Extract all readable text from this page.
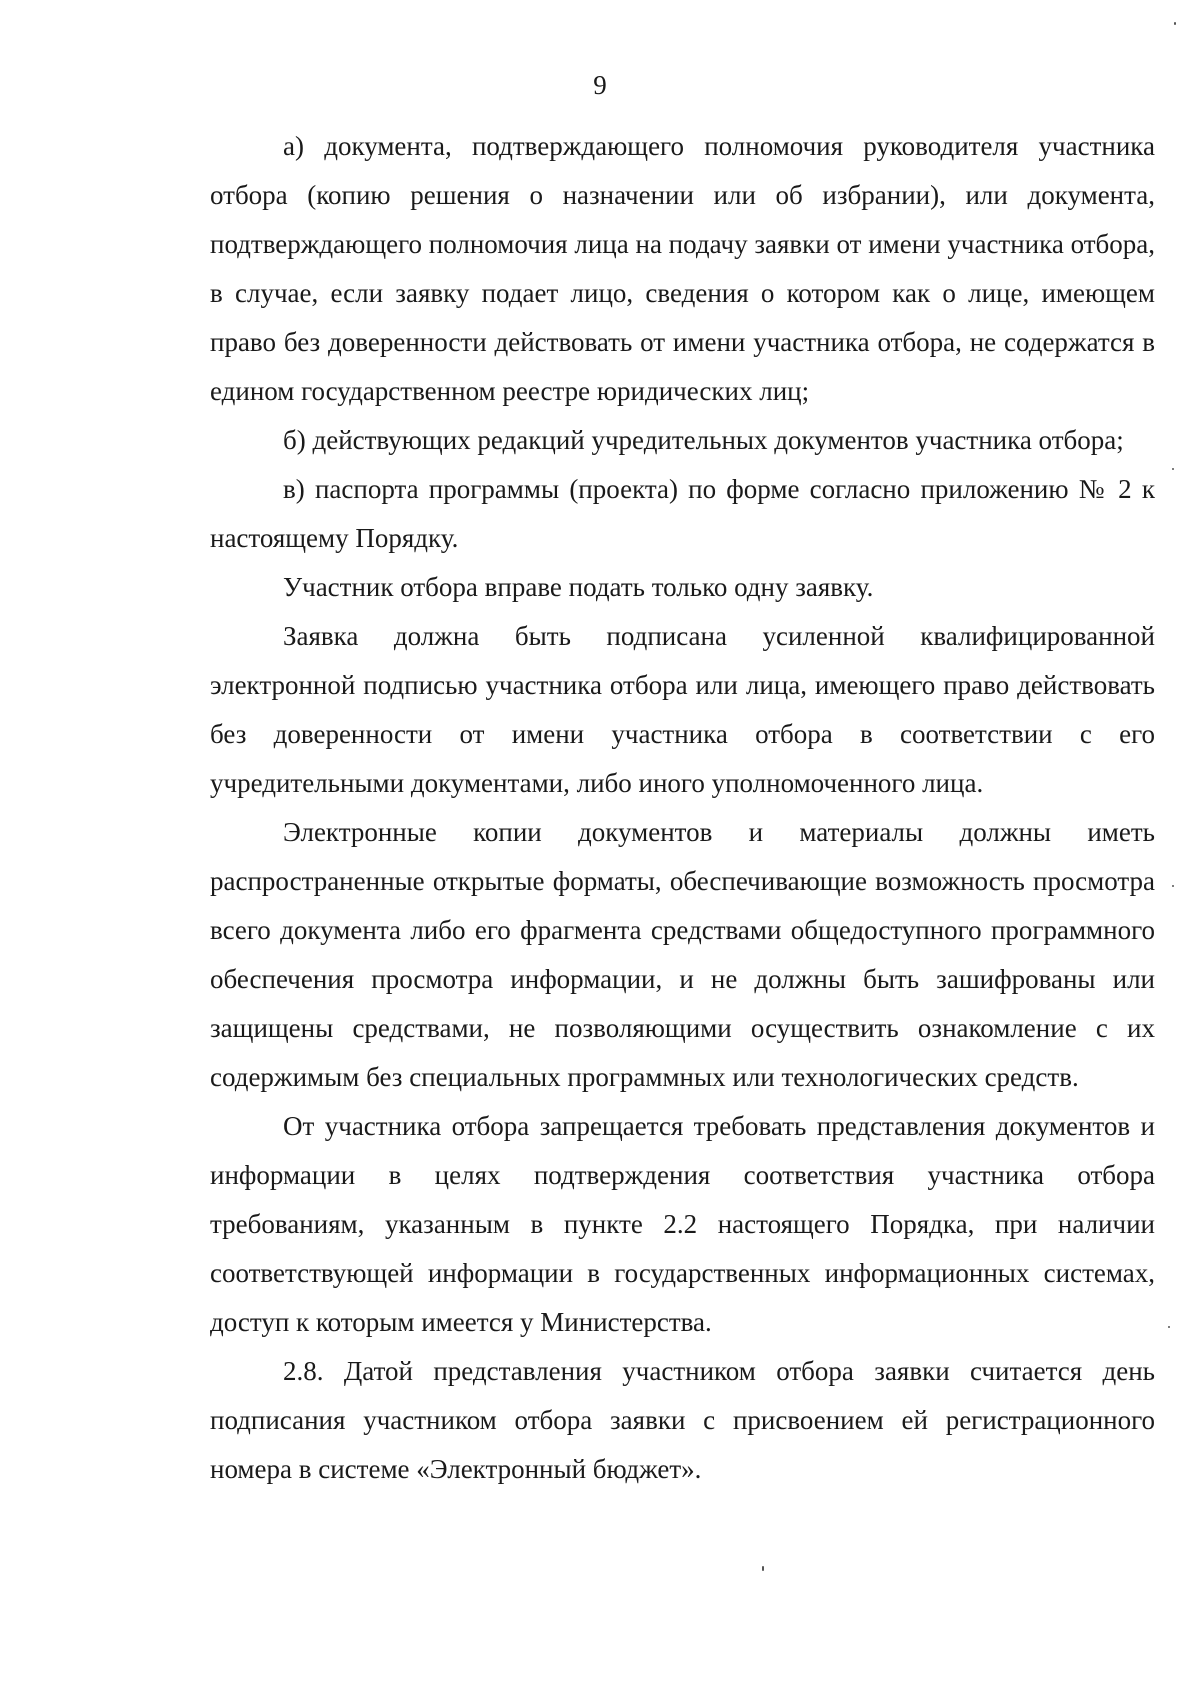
9

а) документа, подтверждающего полномочия руководителя участника отбора (копию решения о назначении или об избрании), или документа, подтверждающего полномочия лица на подачу заявки от имени участника отбора, в случае, если заявку подает лицо, сведения о котором как о лице, имеющем право без доверенности действовать от имени участника отбора, не содержатся в едином государственном реестре юридических лиц;

б) действующих редакций учредительных документов участника отбора;

в) паспорта программы (проекта) по форме согласно приложению № 2 к настоящему Порядку.

Участник отбора вправе подать только одну заявку.

Заявка должна быть подписана усиленной квалифицированной электронной подписью участника отбора или лица, имеющего право действовать без доверенности от имени участника отбора в соответствии с его учредительными документами, либо иного уполномоченного лица.

Электронные копии документов и материалы должны иметь распространенные открытые форматы, обеспечивающие возможность просмотра всего документа либо его фрагмента средствами общедоступного программного обеспечения просмотра информации, и не должны быть зашифрованы или защищены средствами, не позволяющими осуществить ознакомление с их содержимым без специальных программных или технологических средств.

От участника отбора запрещается требовать представления документов и информации в целях подтверждения соответствия участника отбора требованиям, указанным в пункте 2.2 настоящего Порядка, при наличии соответствующей информации в государственных информационных системах, доступ к которым имеется у Министерства.

2.8. Датой представления участником отбора заявки считается день подписания участником отбора заявки с присвоением ей регистрационного номера в системе «Электронный бюджет».
